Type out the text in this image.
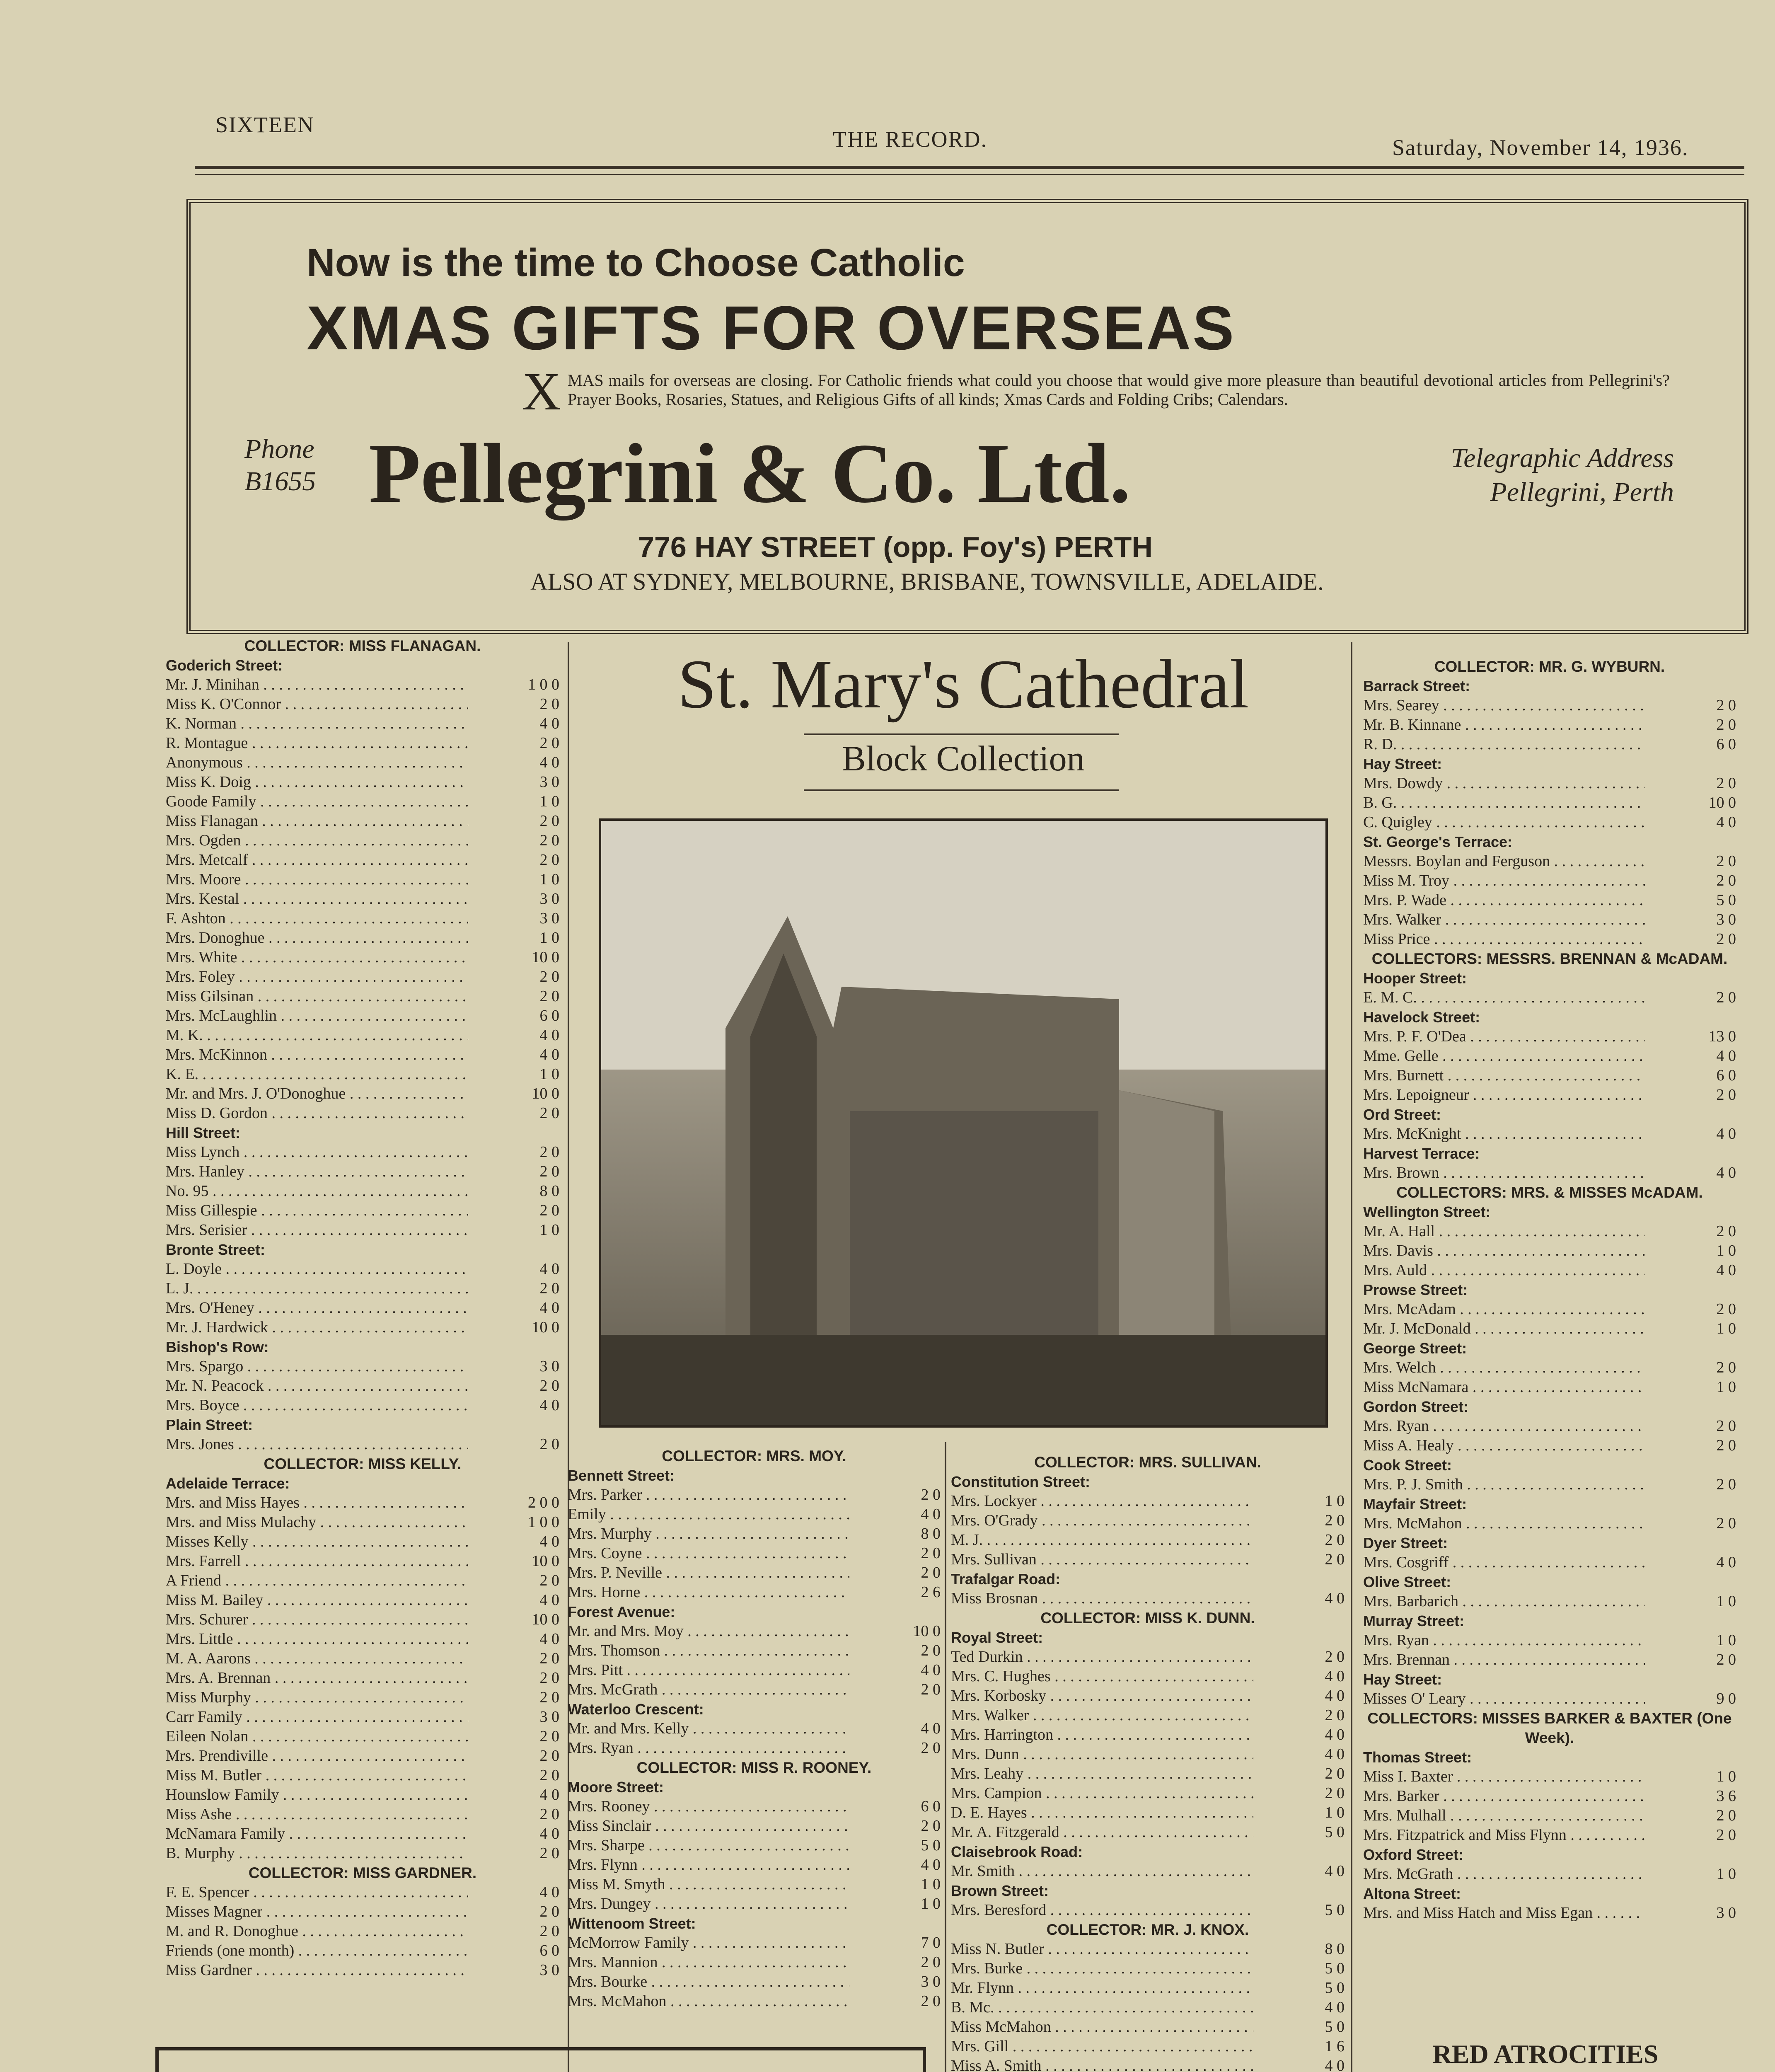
SIXTEEN
THE RECORD.	Saturday, November 14, 1936.
Now is the time to Choose Catholic
XMAS GIFTS FOR OVERSEAS
X MAS mails for overseas are closing. For Catholic friends what could you choose that would give more pleasure than beautiful devotional articles from Pellegrini's? Prayer Books, Rosaries, Statues, and Religious Gifts of all kinds; Xmas Cards and Folding Cribs; Calendars.
Phone
B1655 Pellegrini & Co. Ltd.	Telegraphic Address
Pellegrini, Perth
776 HAY STREET (opp. Foy's) PERTH
ALSO AT SYDNEY, MELBOURNE, BRISBANE, TOWNSVILLE, ADELAIDE.
COLLECTOR: MISS FLANAGAN.
Goderich Street:
Mr. J. Minihan . . .	1 0 0
Miss K. O'Connor . . .	2 0
K. Norman . . .	4 0
R. Montague . . .	2 0
Anonymous . . .	4 0
Miss K. Doig . . .	3 0
Goode Family . . .	1 0
Miss Flanagan . . .	2 0
Mrs. Ogden . . .	2 0
Mrs. Metcalf . . .	2 0
Mrs. Moore . . .	1 0
Mrs. Kestal . . .	3 0
F. Ashton . . .	3 0
Mrs. Donoghue . . .	1 0
Mrs. White . . .	10 0
Mrs. Foley . . .	2 0
Miss Gilsinan . . .	2 0
Mrs. McLaughlin . . .	6 0
M. K. . . .	4 0
Mrs. McKinnon . . .	4 0
K. E. . . .	1 0
Mr. and Mrs. J. O'Donoghue . . .	10 0
Miss D. Gordon . . .	2 0
Hill Street:
Miss Lynch . . .	2 0
Mrs. Hanley . . .	2 0
No. 95 . . .	8 0
Miss Gillespie . . .	2 0
Mrs. Serisier . . .	1 0
Bronte Street:
L. Doyle . . .	4 0
L. J. . . .	2 0
Mrs. O'Heney . . .	4 0
Mr. J. Hardwick . . .	10 0
Bishop's Row:
Mrs. Spargo . . .	3 0
Mr. N. Peacock . . .	2 0
Mrs. Boyce . . .	4 0
Plain Street:
Mrs. Jones . . .	2 0
COLLECTOR: MISS KELLY.
Adelaide Terrace:
Mrs. and Miss Hayes . . .	2 0 0
Mrs. and Miss Mulachy . . .	1 0 0
Misses Kelly . . .	4 0
Mrs. Farrell . . .	10 0
A Friend . . .	2 0
Miss M. Bailey . . .	4 0
Mrs. Schurer . . .	10 0
Mrs. Little . . .	4 0
M. A. Aarons . . .	2 0
Mrs. A. Brennan . . .	2 0
Miss Murphy . . .	2 0
Carr Family . . .	3 0
Eileen Nolan . . .	2 0
Mrs. Prendiville . . .	2 0
Miss M. Butler . . .	2 0
Hounslow Family . . .	4 0
Miss Ashe . . .	2 0
McNamara Family . . .	4 0
B. Murphy . . .	2 0
COLLECTOR: MISS GARDNER.
F. E. Spencer . . .	4 0
Misses Magner . . .	2 0
M. and R. Donoghue . . .	2 0
Friends (one month) . . .	6 0
Miss Gardner . . .	3 0
St. Mary's Cathedral
Block Collection
COLLECTOR: MRS. MOY.
Bennett Street:
Mrs. Parker . . .	2 0
Emily . . .	4 0
Mrs. Murphy . . .	8 0
Mrs. Coyne . . .	2 0
Mrs. P. Neville . . .	2 0
Mrs. Horne . . .	2 6
Forest Avenue:
Mr. and Mrs. Moy . . .	10 0
Mrs. Thomson . . .	2 0
Mrs. Pitt . . .	4 0
Mrs. McGrath . . .	2 0
Waterloo Crescent:
Mr. and Mrs. Kelly . . .	4 0
Mrs. Ryan . . .	2 0
COLLECTOR: MISS R. ROONEY.
Moore Street:
Mrs. Rooney . . .	6 0
Miss Sinclair . . .	2 0
Mrs. Sharpe . . .	5 0
Mrs. Flynn . . .	4 0
Miss M. Smyth . . .	1 0
Mrs. Dungey . . .	1 0
Wittenoom Street:
McMorrow Family . . .	7 0
Mrs. Mannion . . .	2 0
Mrs. Bourke . . .	3 0
Mrs. McMahon . . .	2 0
COLLECTOR: MRS. SULLIVAN.
Constitution Street:
Mrs. Lockyer . . .	1 0
Mrs. O'Grady . . .	2 0
M. J. . . .	2 0
Mrs. Sullivan . . .	2 0
Trafalgar Road:
Miss Brosnan . . .	4 0
COLLECTOR: MISS K. DUNN.
Royal Street:
Ted Durkin . . .	2 0
Mrs. C. Hughes . . .	4 0
Mrs. Korbosky . . .	4 0
Mrs. Walker . . .	2 0
Mrs. Harrington . . .	4 0
Mrs. Dunn . . .	4 0
Mrs. Leahy . . .	2 0
Mrs. Campion . . .	2 0
D. E. Hayes . . .	1 0
Mr. A. Fitzgerald . . .	5 0
Claisebrook Road:
Mr. Smith . . .	4 0
Brown Street:
Mrs. Beresford . . .	5 0
COLLECTOR: MR. J. KNOX.
Miss N. Butler . . .	8 0
Mrs. Burke . . .	5 0
Mr. Flynn . . .	5 0
B. Mc. . . .	4 0
Miss McMahon . . .	5 0
Mrs. Gill . . .	1 6
Miss A. Smith . . .	4 0
COLLECTOR: MR. G. WYBURN.
Barrack Street:
Mrs. Searey . . .	2 0
Mr. B. Kinnane . . .	2 0
R. D. . . .	6 0
Hay Street:
Mrs. Dowdy . . .	2 0
B. G. . . .	10 0
C. Quigley . . .	4 0
St. George's Terrace:
Messrs. Boylan and Ferguson . . .	2 0
Miss M. Troy . . .	2 0
Mrs. P. Wade . . .	5 0
Mrs. Walker . . .	3 0
Miss Price . . .	2 0
COLLECTORS: MESSRS. BRENNAN & McADAM.
Hooper Street:
E. M. C. . . .	2 0
Havelock Street:
Mrs. P. F. O'Dea . . .	13 0
Mme. Gelle . . .	4 0
Mrs. Burnett . . .	6 0
Mrs. Lepoigneur . . .	2 0
Ord Street:
Mrs. McKnight . . .	4 0
Harvest Terrace:
Mrs. Brown . . .	4 0
COLLECTORS: MRS. & MISSES McADAM.
Wellington Street:
Mr. A. Hall . . .	2 0
Mrs. Davis . . .	1 0
Mrs. Auld . . .	4 0
Prowse Street:
Mrs. McAdam . . .	2 0
Mr. J. McDonald . . .	1 0
George Street:
Mrs. Welch . . .	2 0
Miss McNamara . . .	1 0
Gordon Street:
Mrs. Ryan . . .	2 0
Miss A. Healy . . .	2 0
Cook Street:
Mrs. P. J. Smith . . .	2 0
Mayfair Street:
Mrs. McMahon . . .	2 0
Dyer Street:
Mrs. Cosgriff . . .	4 0
Olive Street:
Mrs. Barbarich . . .	1 0
Murray Street:
Mrs. Ryan . . .	1 0
Mrs. Brennan . . .	2 0
Hay Street:
Misses O' Leary . . .	9 0
COLLECTORS: MISSES BARKER & BAXTER (One Week).
Thomas Street:
Miss I. Baxter . . .	1 0
Mrs. Barker . . .	3 6
Mrs. Mulhall . . .	2 0
Mrs. Fitzpatrick and Miss Flynn . . .	2 0
Oxford Street:
Mrs. McGrath . . .	1 0
Altona Street:
Mrs. and Miss Hatch and Miss Egan . . .	3 0
RED ATROCITIES
